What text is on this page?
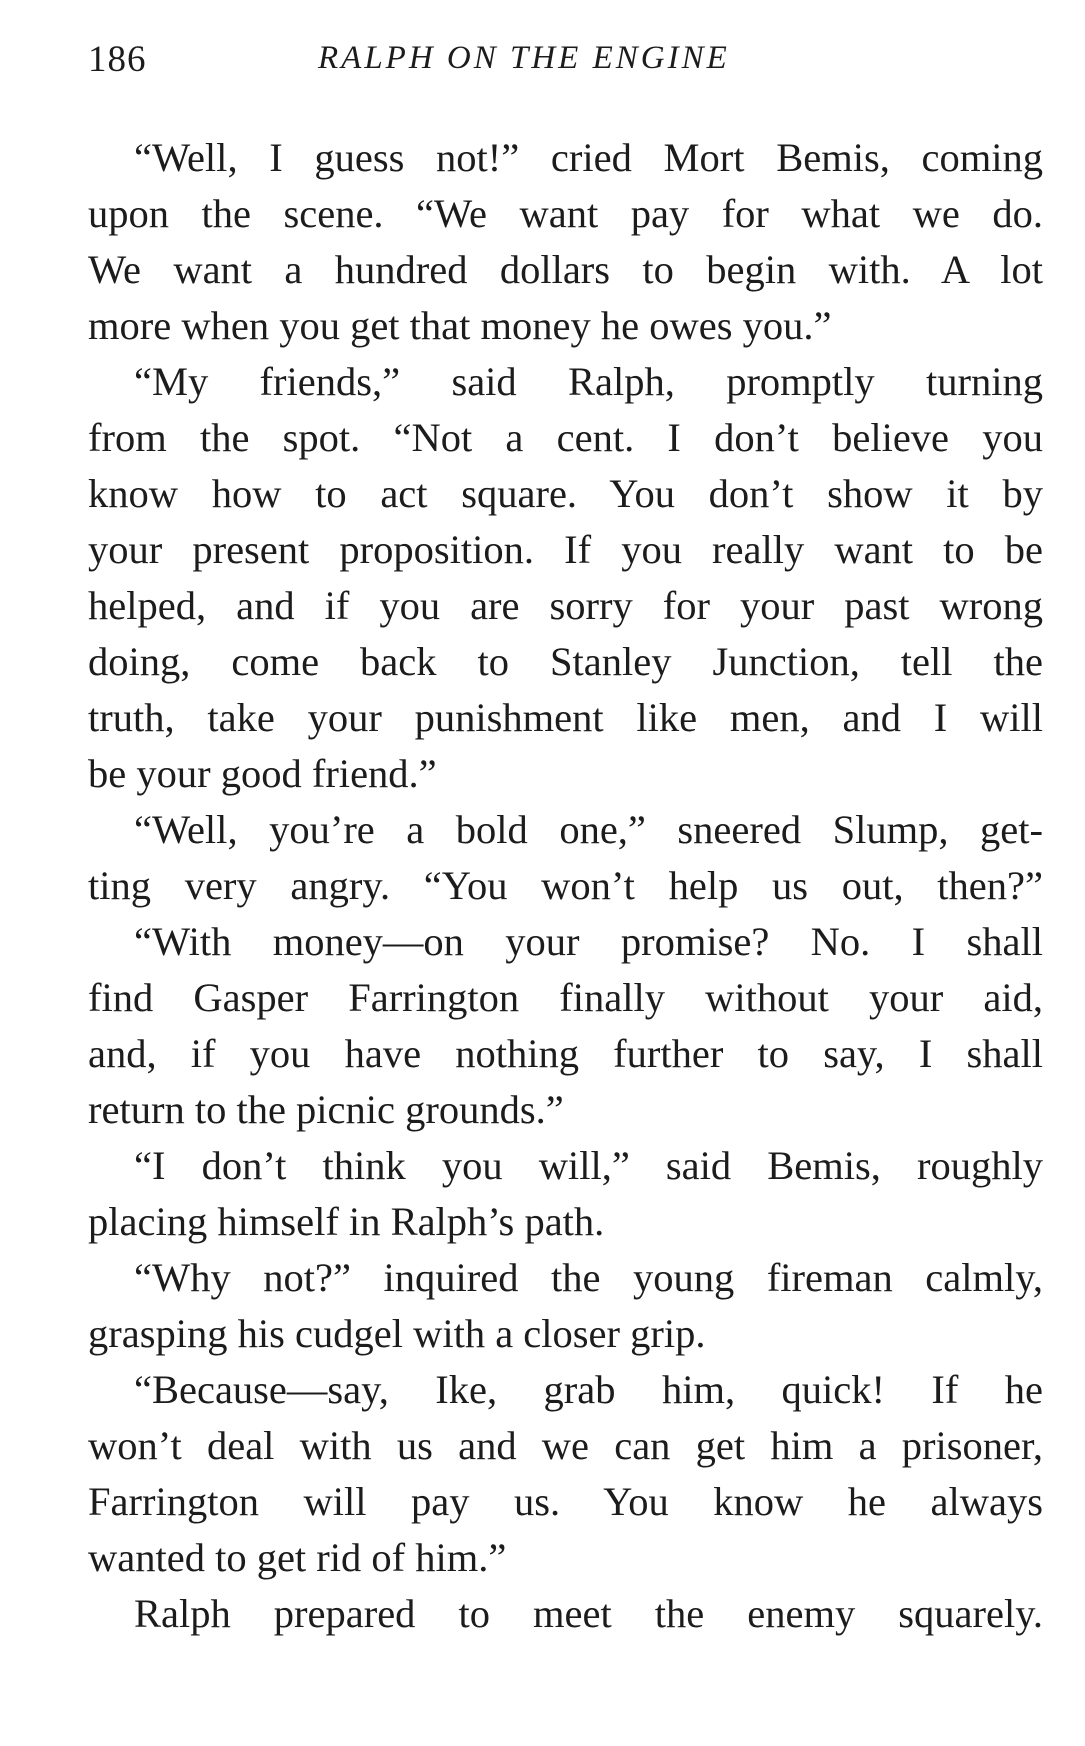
186	RALPH ON THE ENGINE
“Well, I guess not!” cried Mort Bemis, coming
upon the scene. “We want pay for what we do.
We want a hundred dollars to begin with. A lot
more when you get that money he owes you.”
“My friends,” said Ralph, promptly turning
from the spot. “Not a cent. I don’t believe you
know how to act square. You don’t show it by
your present proposition. If you really want to be
helped, and if you are sorry for your past wrong
doing, come back to Stanley Junction, tell the
truth, take your punishment like men, and I will
be your good friend.”
“Well, you’re a bold one,” sneered Slump, get-
ting very angry. “You won’t help us out, then?”
“With money—on your promise? No. I shall
find Gasper Farrington finally without your aid,
and, if you have nothing further to say, I shall
return to the picnic grounds.”
“I don’t think you will,” said Bemis, roughly
placing himself in Ralph’s path.
“Why not?” inquired the young fireman calmly,
grasping his cudgel with a closer grip.
“Because—say, Ike, grab him, quick! If he
won’t deal with us and we can get him a prisoner,
Farrington will pay us. You know he always
wanted to get rid of him.”
Ralph prepared to meet the enemy squarely.
